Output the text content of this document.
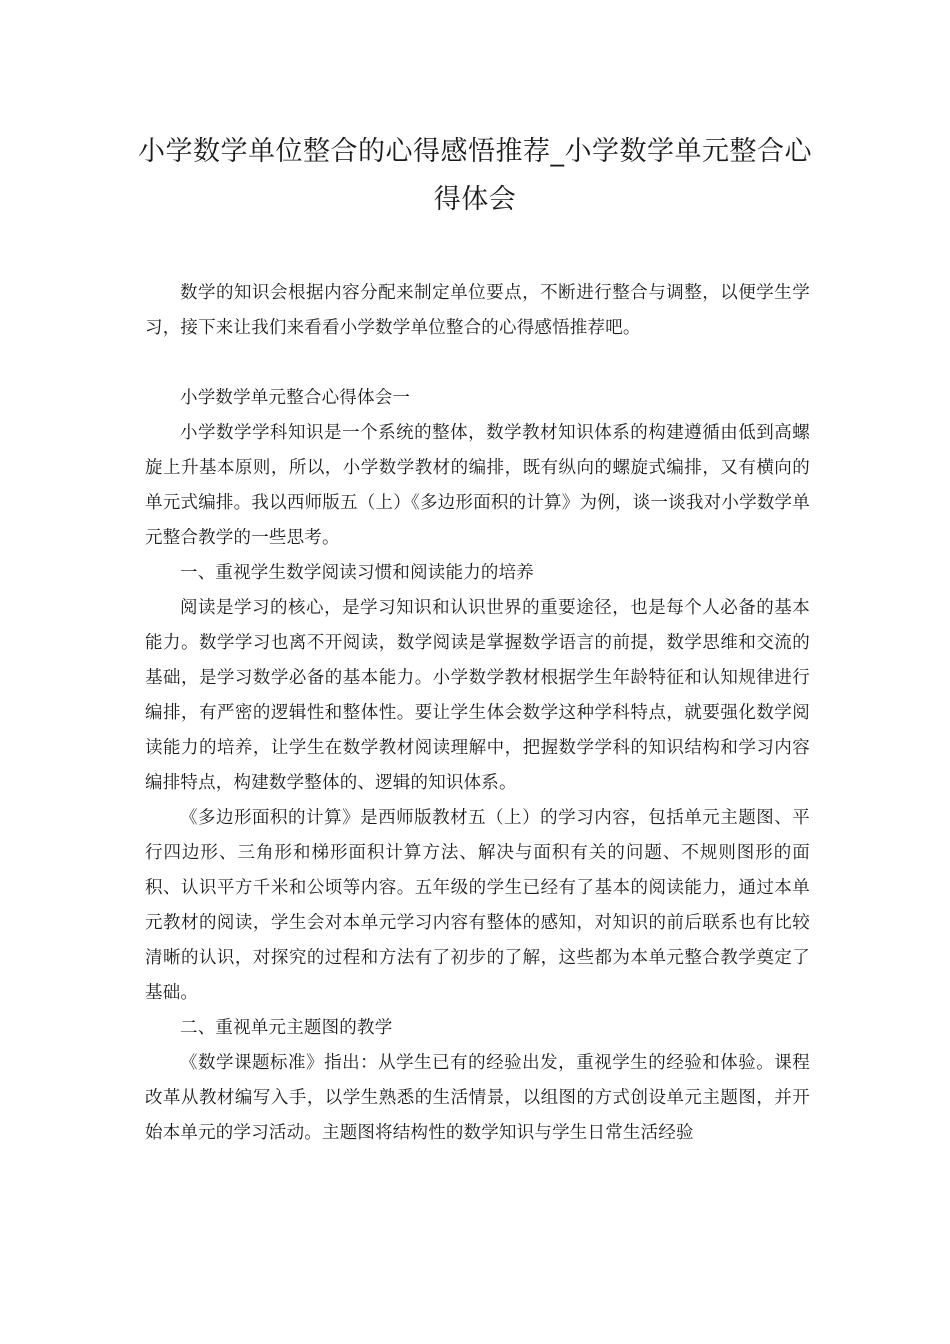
小学数学单位整合的心得感悟推荐_小学数学单元整合心得体会

数学的知识会根据内容分配来制定单位要点，不断进行整合与调整，以便学生学习，接下来让我们来看看小学数学单位整合的心得感悟推荐吧。

小学数学单元整合心得体会一

小学数学学科知识是一个系统的整体，数学教材知识体系的构建遵循由低到高螺旋上升基本原则，所以，小学数学教材的编排，既有纵向的螺旋式编排，又有横向的单元式编排。我以西师版五（上）《多边形面积的计算》为例，谈一谈我对小学数学单元整合教学的一些思考。

一、重视学生数学阅读习惯和阅读能力的培养

阅读是学习的核心，是学习知识和认识世界的重要途径，也是每个人必备的基本能力。数学学习也离不开阅读，数学阅读是掌握数学语言的前提，数学思维和交流的基础，是学习数学必备的基本能力。小学数学教材根据学生年龄特征和认知规律进行编排，有严密的逻辑性和整体性。要让学生体会数学这种学科特点，就要强化数学阅读能力的培养，让学生在数学教材阅读理解中，把握数学学科的知识结构和学习内容编排特点，构建数学整体的、逻辑的知识体系。

《多边形面积的计算》是西师版教材五（上）的学习内容，包括单元主题图、平行四边形、三角形和梯形面积计算方法、解决与面积有关的问题、不规则图形的面积、认识平方千米和公顷等内容。五年级的学生已经有了基本的阅读能力，通过本单元教材的阅读，学生会对本单元学习内容有整体的感知，对知识的前后联系也有比较清晰的认识，对探究的过程和方法有了初步的了解，这些都为本单元整合教学奠定了基础。

二、重视单元主题图的教学

《数学课题标准》指出：从学生已有的经验出发，重视学生的经验和体验。课程改革从教材编写入手，以学生熟悉的生活情景，以组图的方式创设单元主题图，并开始本单元的学习活动。主题图将结构性的数学知识与学生日常生活经验
